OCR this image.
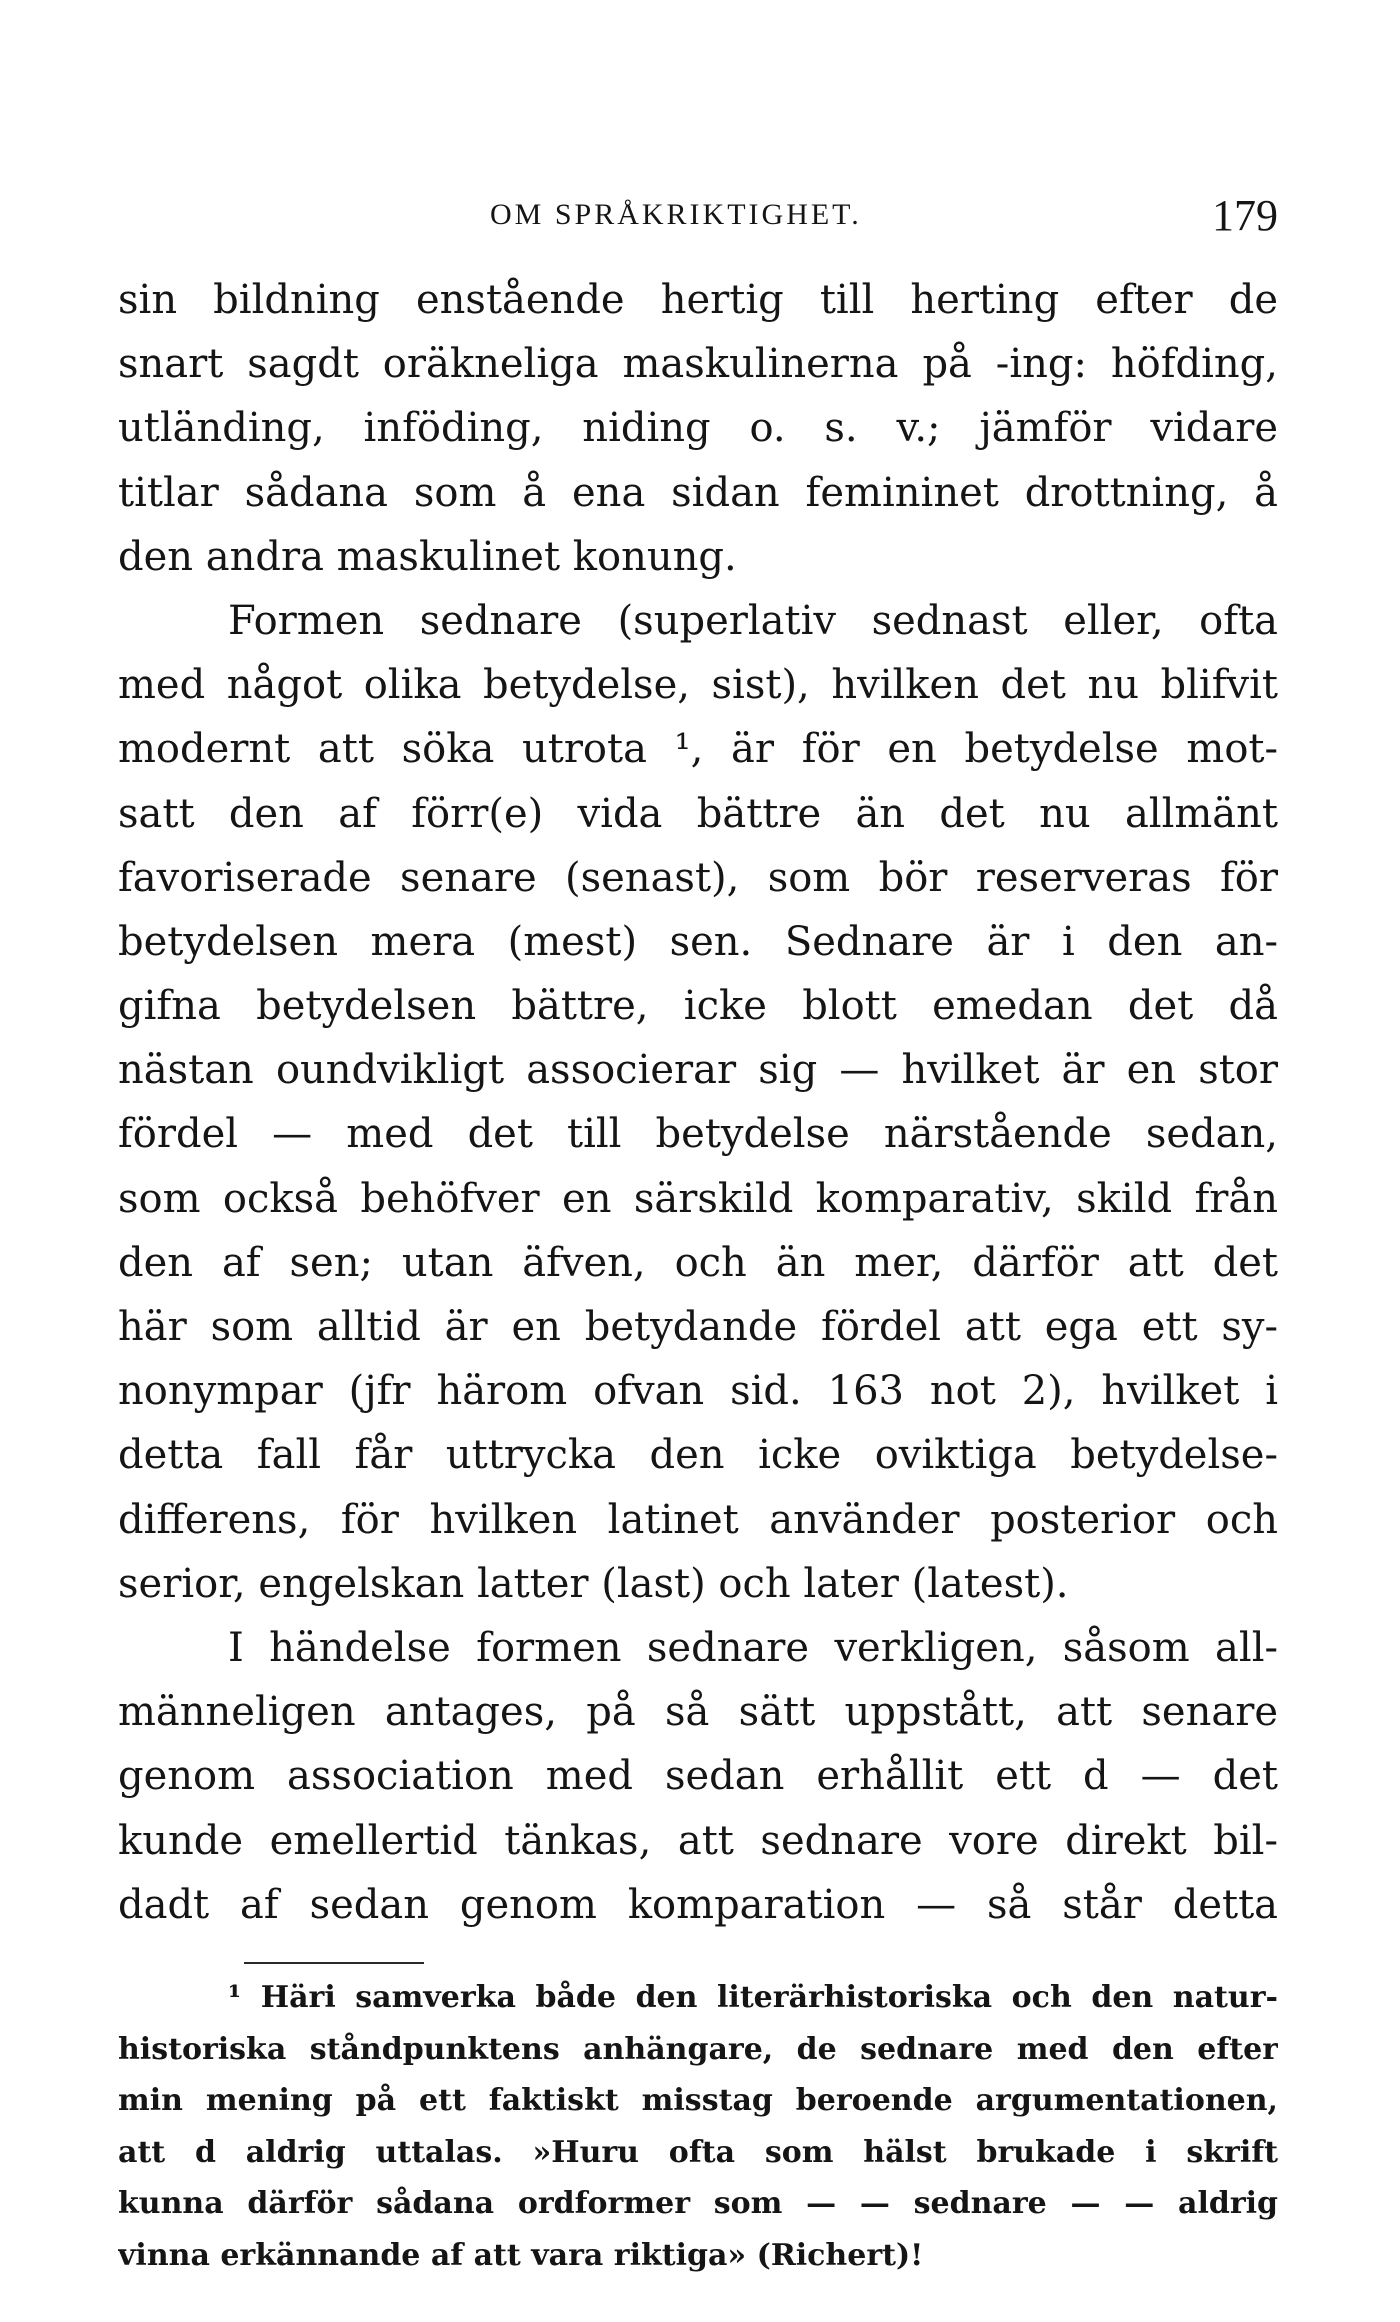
OM SPRÅKRIKTIGHET.	179
sin bildning enstående hertig till herting efter de
snart sagdt oräkneliga maskulinerna på -ing: höfding,
utländing, inföding, niding o. s. v.; jämför vidare
titlar sådana som å ena sidan femininet drottning, å
den andra maskulinet konung.
Formen sednare (superlativ sednast eller, ofta
med något olika betydelse, sist), hvilken det nu blifvit
modernt att söka utrota ¹, är för en betydelse mot-
satt den af förr(e) vida bättre än det nu allmänt
favoriserade senare (senast), som bör reserveras för
betydelsen mera (mest) sen. Sednare är i den an-
gifna betydelsen bättre, icke blott emedan det då
nästan oundvikligt associerar sig — hvilket är en stor
fördel — med det till betydelse närstående sedan,
som också behöfver en särskild komparativ, skild från
den af sen; utan äfven, och än mer, därför att det
här som alltid är en betydande fördel att ega ett sy-
nonympar (jfr härom ofvan sid. 163 not 2), hvilket i
detta fall får uttrycka den icke oviktiga betydelse-
differens, för hvilken latinet använder posterior och
serior, engelskan latter (last) och later (latest).
I händelse formen sednare verkligen, såsom all-
männeligen antages, på så sätt uppstått, att senare
genom association med sedan erhållit ett d — det
kunde emellertid tänkas, att sednare vore direkt bil-
dadt af sedan genom komparation — så står detta
¹ Häri samverka både den literärhistoriska och den natur-
historiska ståndpunktens anhängare, de sednare med den efter
min mening på ett faktiskt misstag beroende argumentationen,
att d aldrig uttalas. »Huru ofta som hälst brukade i skrift
kunna därför sådana ordformer som — — sednare — — aldrig
vinna erkännande af att vara riktiga» (Richert)!
